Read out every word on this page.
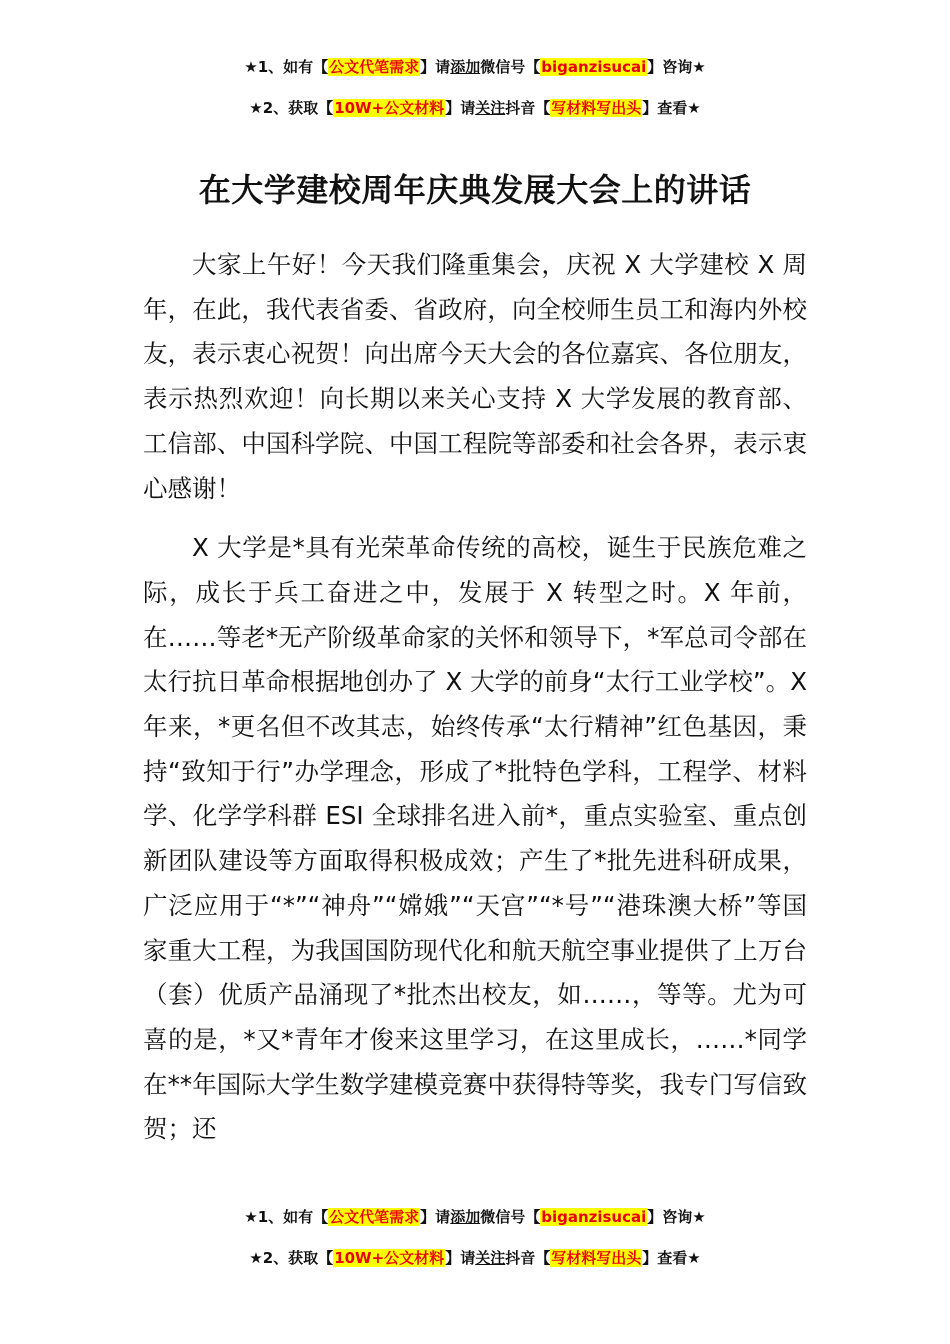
★1、如有【公文代笔需求】请添加微信号【biganzisucai】咨询★
★2、获取【10W+公文材料】请关注抖音【写材料写出头】查看★
在大学建校周年庆典发展大会上的讲话

大家上午好！今天我们隆重集会，庆祝 X 大学建校 X 周年，在此，我代表省委、省政府，向全校师生员工和海内外校友，表示衷心祝贺！向出席今天大会的各位嘉宾、各位朋友，表示热烈欢迎！向长期以来关心支持 X 大学发展的教育部、工信部、中国科学院、中国工程院等部委和社会各界，表示衷心感谢！

X 大学是*具有光荣革命传统的高校，诞生于民族危难之际，成长于兵工奋进之中，发展于 X 转型之时。X 年前，在……等老*无产阶级革命家的关怀和领导下，*军总司令部在太行抗日革命根据地创办了 X 大学的前身“太行工业学校”。X 年来，*更名但不改其志，始终传承“太行精神”红色基因，秉持“致知于行”办学理念，形成了*批特色学科，工程学、材料学、化学学科群 ESI 全球排名进入前*，重点实验室、重点创新团队建设等方面取得积极成效；产生了*批先进科研成果，广泛应用于“*”“神舟”“嫦娥”“天宫”“*号”“港珠澳大桥”等国家重大工程，为我国国防现代化和航天航空事业提供了上万台（套）优质产品涌现了*批杰出校友，如……，等等。尤为可喜的是，*又*青年才俊来这里学习，在这里成长，……*同学在**年国际大学生数学建模竞赛中获得特等奖，我专门写信致贺；还

★1、如有【公文代笔需求】请添加微信号【biganzisucai】咨询★
★2、获取【10W+公文材料】请关注抖音【写材料写出头】查看★
